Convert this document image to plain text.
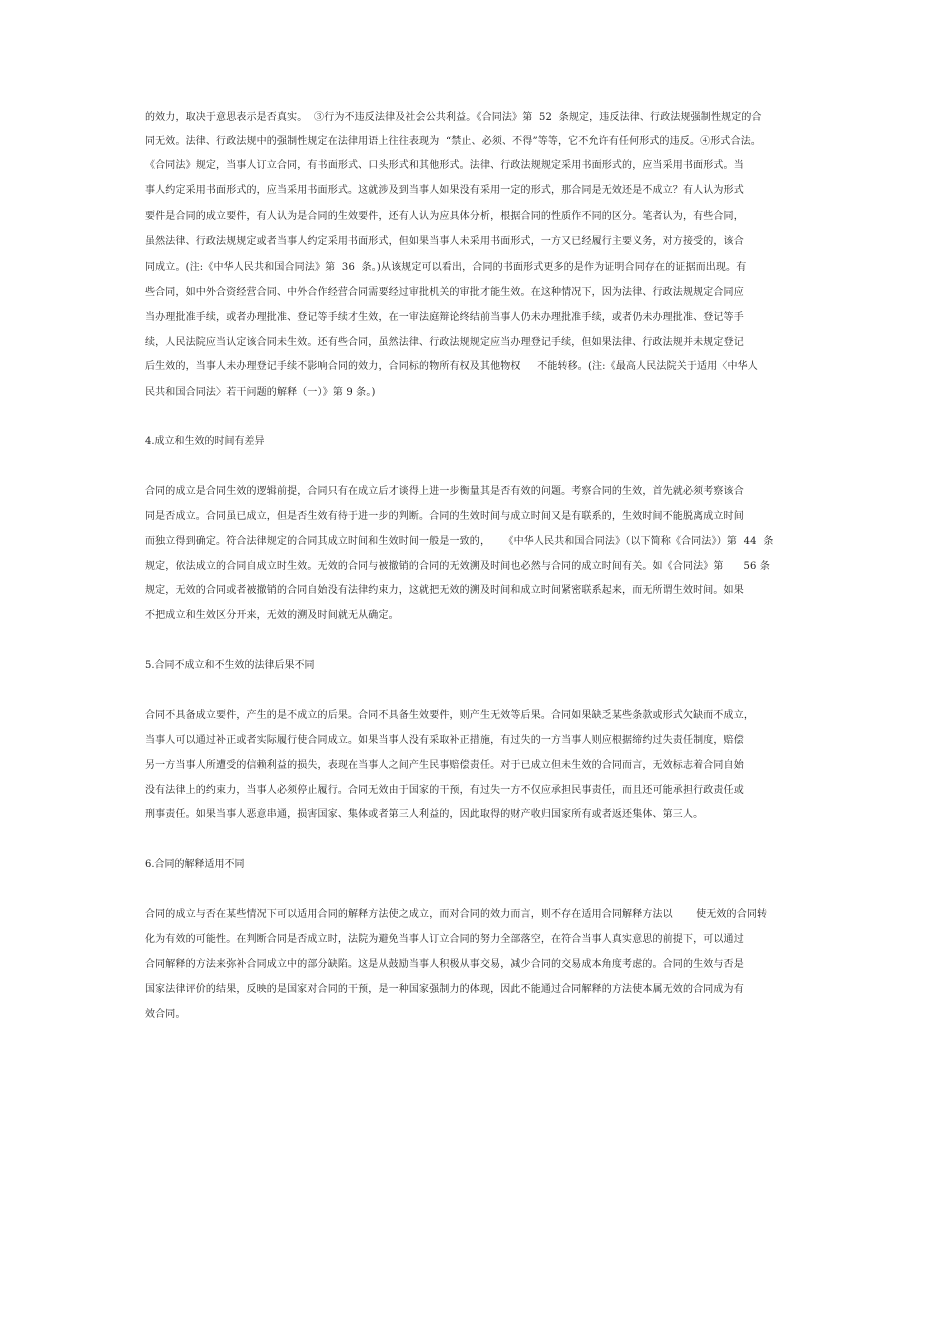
的效力，取决于意思表示是否真实。  ③行为不违反法律及社会公共利益。《合同法》第  52  条规定，违反法律、行政法规强制性规定的合
同无效。法律、行政法规中的强制性规定在法律用语上往往表现为  “禁止、必须、不得”等等，它不允许有任何形式的违反。④形式合法。
《合同法》规定，当事人订立合同，有书面形式、口头形式和其他形式。法律、行政法规规定采用书面形式的，应当采用书面形式。当
事人约定采用书面形式的，应当采用书面形式。这就涉及到当事人如果没有采用一定的形式，那合同是无效还是不成立？有人认为形式
要件是合同的成立要件，有人认为是合同的生效要件，还有人认为应具体分析，根据合同的性质作不同的区分。笔者认为，有些合同，
虽然法律、行政法规规定或者当事人约定采用书面形式，但如果当事人未采用书面形式，一方又已经履行主要义务，对方接受的，该合
同成立。(注:《中华人民共和国合同法》第  36  条。)从该规定可以看出，合同的书面形式更多的是作为证明合同存在的证据而出现。有
些合同，如中外合资经营合同、中外合作经营合同需要经过审批机关的审批才能生效。在这种情况下，因为法律、行政法规规定合同应
当办理批准手续，或者办理批准、登记等手续才生效，在一审法庭辩论终结前当事人仍未办理批准手续，或者仍未办理批准、登记等手
续，人民法院应当认定该合同未生效。还有些合同，虽然法律、行政法规规定应当办理登记手续，但如果法律、行政法规并未规定登记
后生效的，当事人未办理登记手续不影响合同的效力，合同标的物所有权及其他物权     不能转移。(注:《最高人民法院关于适用〈中华人
民共和国合同法〉若干问题的解释（一）》第 9 条。)
4.成立和生效的时间有差异
合同的成立是合同生效的逻辑前提，合同只有在成立后才谈得上进一步衡量其是否有效的问题。考察合同的生效，首先就必须考察该合
同是否成立。合同虽已成立，但是否生效有待于进一步的判断。合同的生效时间与成立时间又是有联系的，生效时间不能脱离成立时间
而独立得到确定。符合法律规定的合同其成立时间和生效时间一般是一致的，    《中华人民共和国合同法》（以下简称《合同法》）第  44  条
规定，依法成立的合同自成立时生效。无效的合同与被撤销的合同的无效溯及时间也必然与合同的成立时间有关。如《合同法》第      56 条
规定，无效的合同或者被撤销的合同自始没有法律约束力，这就把无效的溯及时间和成立时间紧密联系起来，而无所谓生效时间。如果
不把成立和生效区分开来，无效的溯及时间就无从确定。
5.合同不成立和不生效的法律后果不同
合同不具备成立要件，产生的是不成立的后果。合同不具备生效要件，则产生无效等后果。合同如果缺乏某些条款或形式欠缺而不成立，
当事人可以通过补正或者实际履行使合同成立。如果当事人没有采取补正措施，有过失的一方当事人则应根据缔约过失责任制度，赔偿
另一方当事人所遭受的信赖利益的损失，表现在当事人之间产生民事赔偿责任。对于已成立但未生效的合同而言，无效标志着合同自始
没有法律上的约束力，当事人必须停止履行。合同无效由于国家的干预，有过失一方不仅应承担民事责任，而且还可能承担行政责任或
刑事责任。如果当事人恶意串通，损害国家、集体或者第三人利益的，因此取得的财产收归国家所有或者返还集体、第三人。
6.合同的解释适用不同
合同的成立与否在某些情况下可以适用合同的解释方法使之成立，而对合同的效力而言，则不存在适用合同解释方法以       使无效的合同转
化为有效的可能性。在判断合同是否成立时，法院为避免当事人订立合同的努力全部落空，在符合当事人真实意思的前提下，可以通过
合同解释的方法来弥补合同成立中的部分缺陷。这是从鼓励当事人积极从事交易，减少合同的交易成本角度考虑的。合同的生效与否是
国家法律评价的结果，反映的是国家对合同的干预，是一种国家强制力的体现，因此不能通过合同解释的方法使本属无效的合同成为有
效合同。
